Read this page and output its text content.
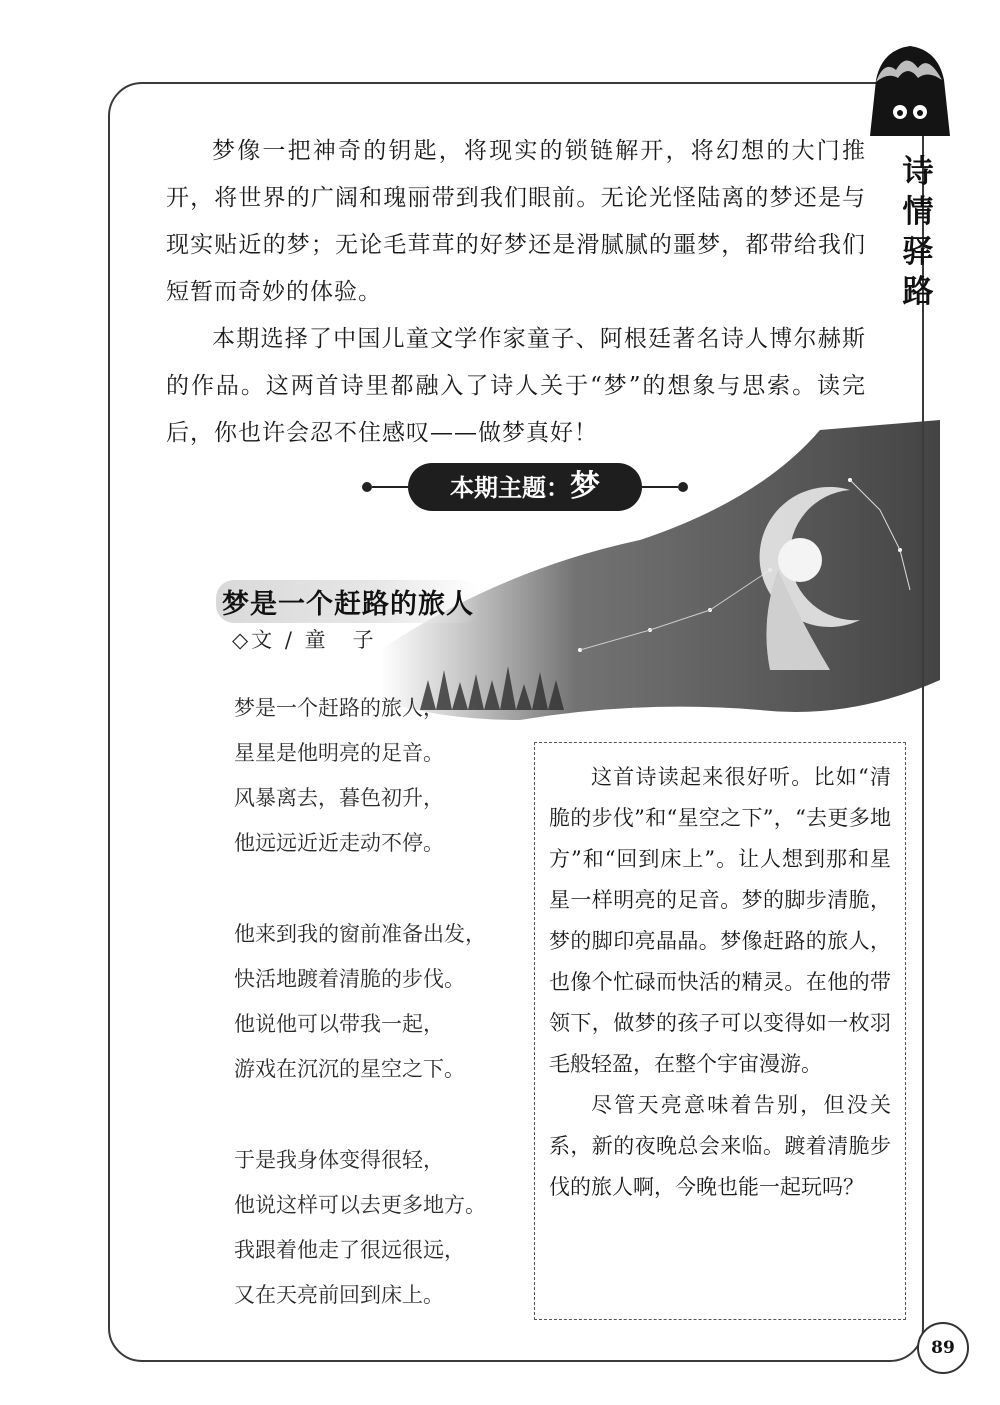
诗情驿路

梦像一把神奇的钥匙，将现实的锁链解开，将幻想的大门推开，将世界的广阔和瑰丽带到我们眼前。无论光怪陆离的梦还是与现实贴近的梦；无论毛茸茸的好梦还是滑腻腻的噩梦，都带给我们短暂而奇妙的体验。

本期选择了中国儿童文学作家童子、阿根廷著名诗人博尔赫斯的作品。这两首诗里都融入了诗人关于“梦”的想象与思索。读完后，你也许会忍不住感叹——做梦真好！

本期主题：梦
梦是一个赶路的旅人
◇文 / 童　子
梦是一个赶路的旅人，
星星是他明亮的足音。
风暴离去，暮色初升，
他远远近近走动不停。
他来到我的窗前准备出发，
快活地踱着清脆的步伐。
他说他可以带我一起，
游戏在沉沉的星空之下。
于是我身体变得很轻，
他说这样可以去更多地方。
我跟着他走了很远很远，
又在天亮前回到床上。

这首诗读起来很好听。比如“清脆的步伐”和“星空之下”，“去更多地方”和“回到床上”。让人想到那和星星一样明亮的足音。梦的脚步清脆，梦的脚印亮晶晶。梦像赶路的旅人，也像个忙碌而快活的精灵。在他的带领下，做梦的孩子可以变得如一枚羽毛般轻盈，在整个宇宙漫游。

尽管天亮意味着告别，但没关系，新的夜晚总会来临。踱着清脆步伐的旅人啊，今晚也能一起玩吗？

89
